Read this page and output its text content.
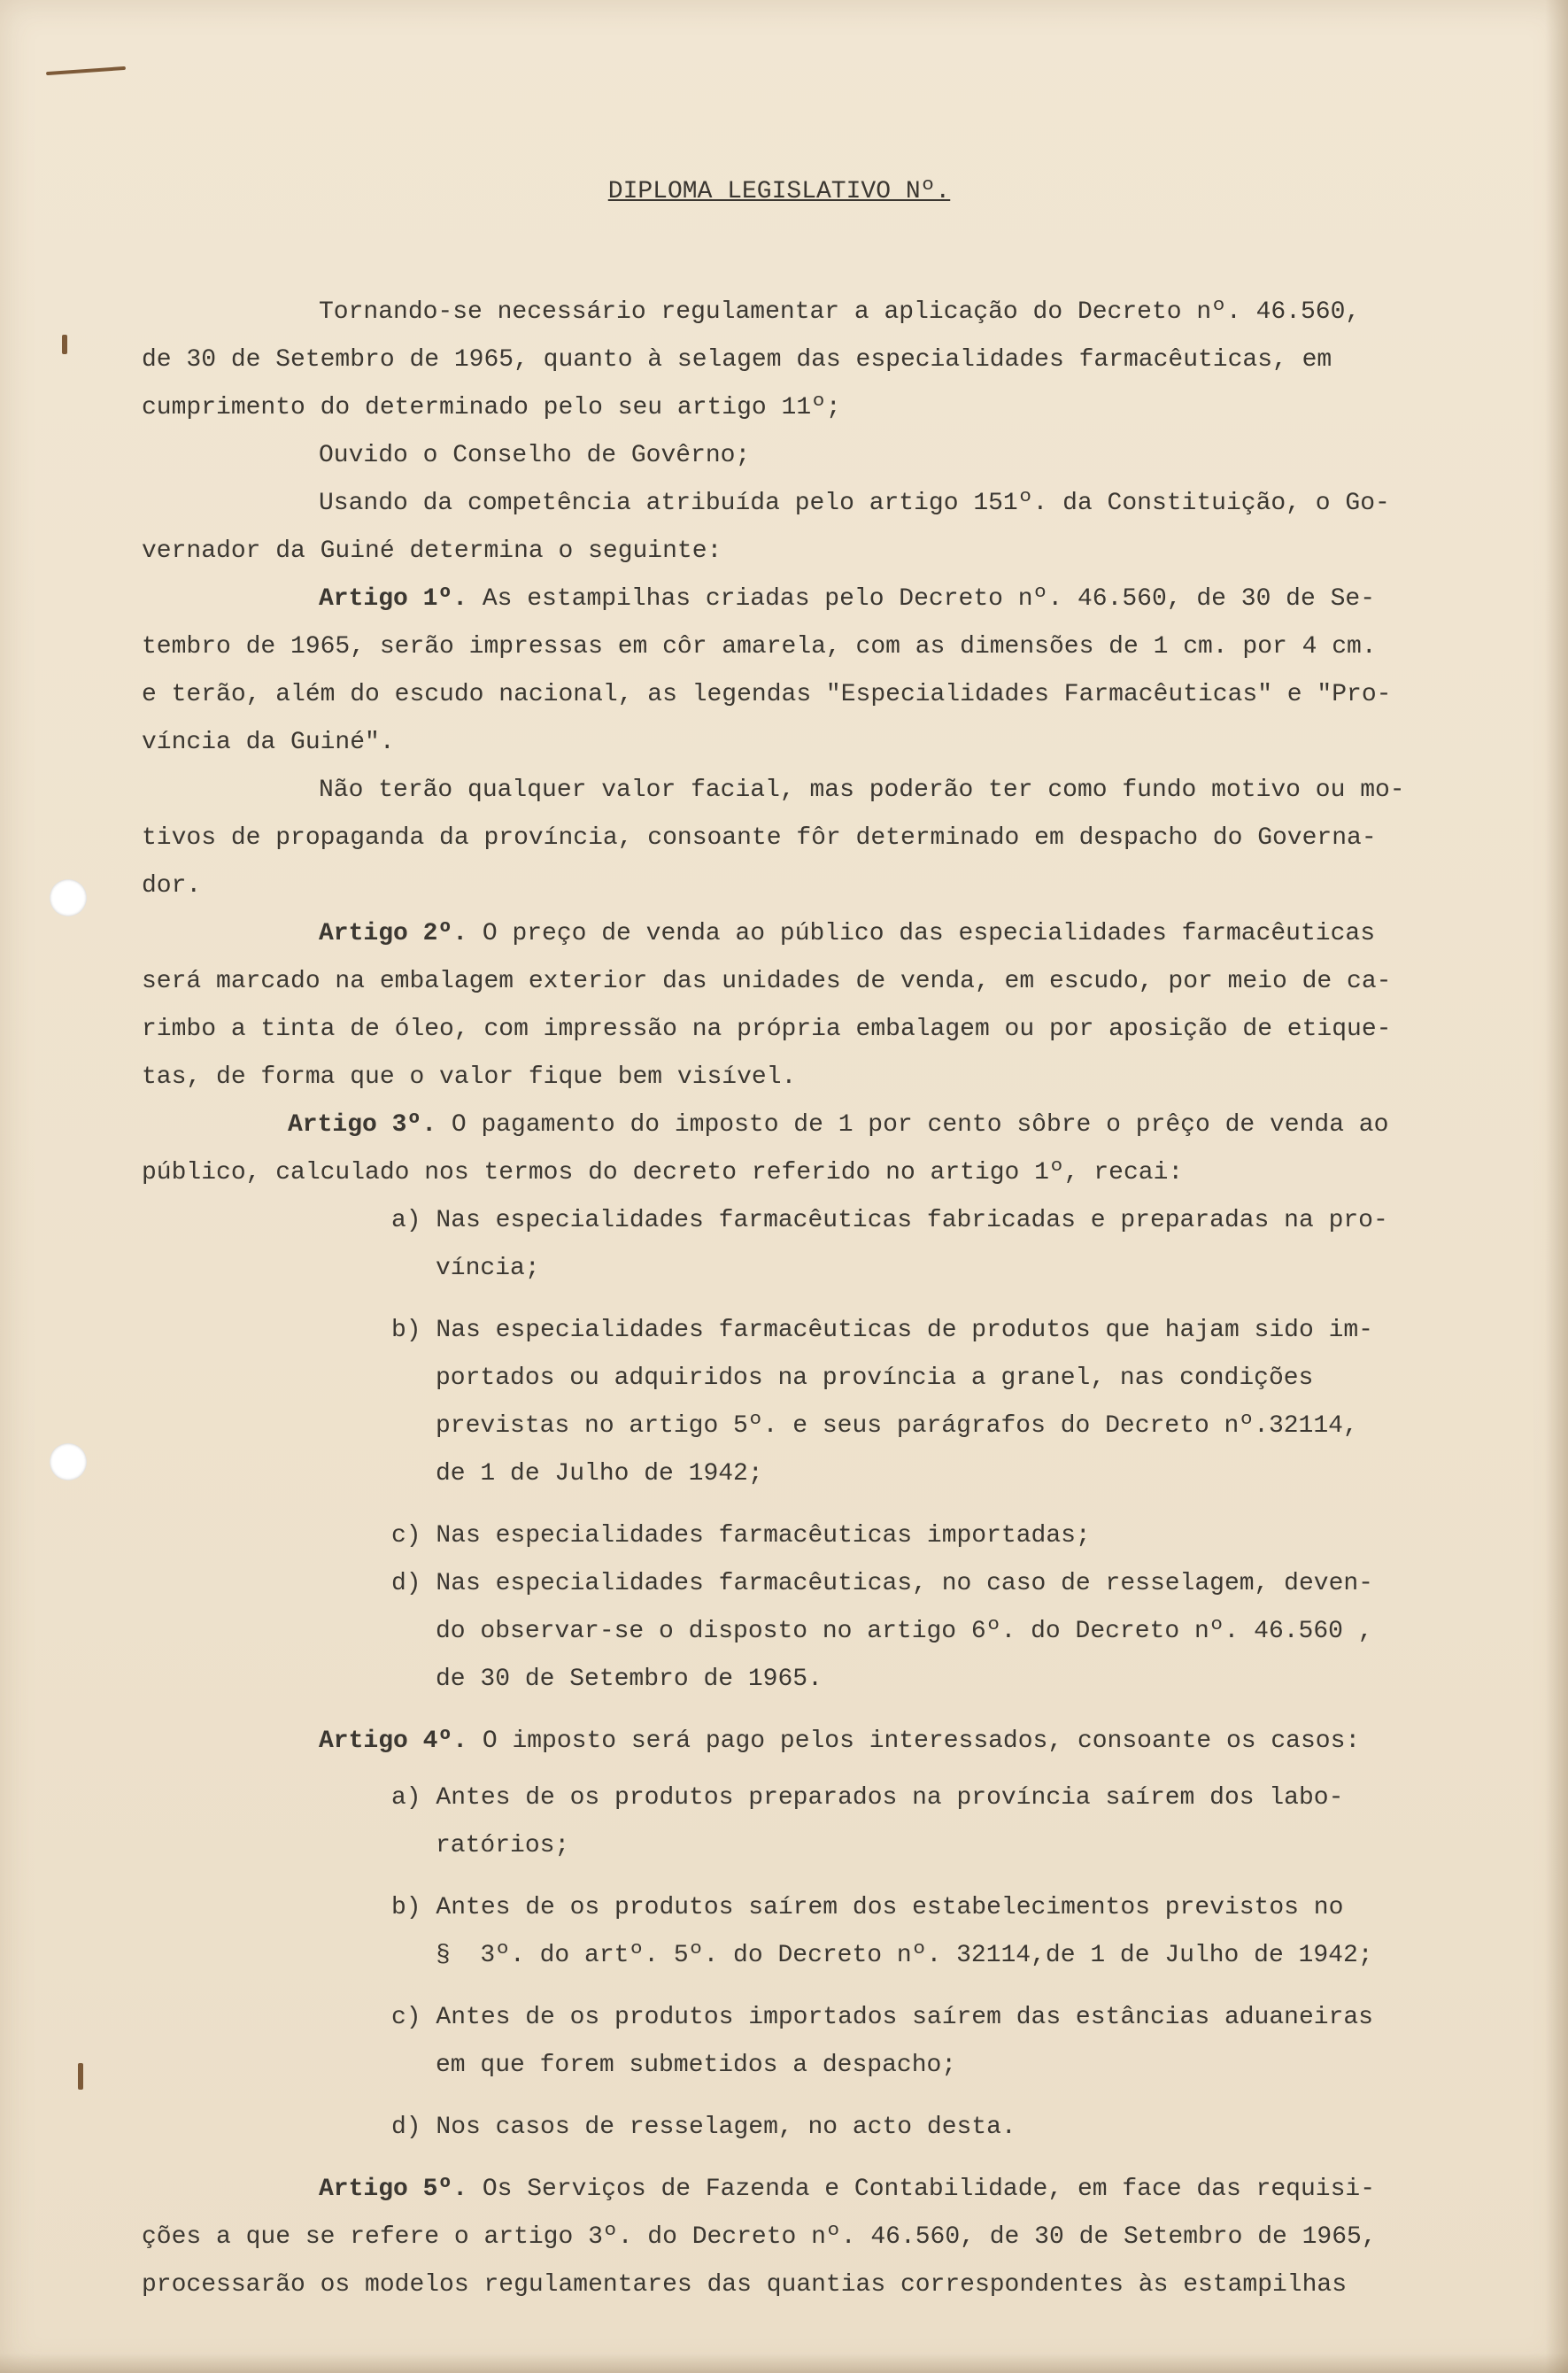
DIPLOMA LEGISLATIVO Nº.
Tornando-se necessário regulamentar a aplicação do Decreto nº. 46.560,
de 30 de Setembro de 1965, quanto à selagem das especialidades farmacêuticas, em
cumprimento do determinado pelo seu artigo 11º;
Ouvido o Conselho de Govêrno;
Usando da competência atribuída pelo artigo 151º. da Constituição, o Go-
vernador da Guiné determina o seguinte:
Artigo 1º. As estampilhas criadas pelo Decreto nº. 46.560, de 30 de Se-
tembro de 1965, serão impressas em côr amarela, com as dimensões de 1 cm. por 4 cm.
e terão, além do escudo nacional, as legendas "Especialidades Farmacêuticas" e "Pro-
víncia da Guiné".
Não terão qualquer valor facial, mas poderão ter como fundo motivo ou mo-
tivos de propaganda da província, consoante fôr determinado em despacho do Governa-
dor.
Artigo 2º. O preço de venda ao público das especialidades farmacêuticas
será marcado na embalagem exterior das unidades de venda, em escudo, por meio de ca-
rimbo a tinta de óleo, com impressão na própria embalagem ou por aposição de etique-
tas, de forma que o valor fique bem visível.
Artigo 3º. O pagamento do imposto de 1 por cento sôbre o prêço de venda ao
público, calculado nos termos do decreto referido no artigo 1º, recai:
a) Nas especialidades farmacêuticas fabricadas e preparadas na pro-
víncia;
b) Nas especialidades farmacêuticas de produtos que hajam sido im-
portados ou adquiridos na província a granel, nas condições
previstas no artigo 5º. e seus parágrafos do Decreto nº.32114,
de 1 de Julho de 1942;
c) Nas especialidades farmacêuticas importadas;
d) Nas especialidades farmacêuticas, no caso de resselagem, deven-
do observar-se o disposto no artigo 6º. do Decreto nº. 46.560 ,
de 30 de Setembro de 1965.
Artigo 4º. O imposto será pago pelos interessados, consoante os casos:
a) Antes de os produtos preparados na província saírem dos labo-
ratórios;
b) Antes de os produtos saírem dos estabelecimentos previstos no
§  3º. do artº. 5º. do Decreto nº. 32114,de 1 de Julho de 1942;
c) Antes de os produtos importados saírem das estâncias aduaneiras
em que forem submetidos a despacho;
d) Nos casos de resselagem, no acto desta.
Artigo 5º. Os Serviços de Fazenda e Contabilidade, em face das requisi-
ções a que se refere o artigo 3º. do Decreto nº. 46.560, de 30 de Setembro de 1965,
processarão os modelos regulamentares das quantias correspondentes às estampilhas
